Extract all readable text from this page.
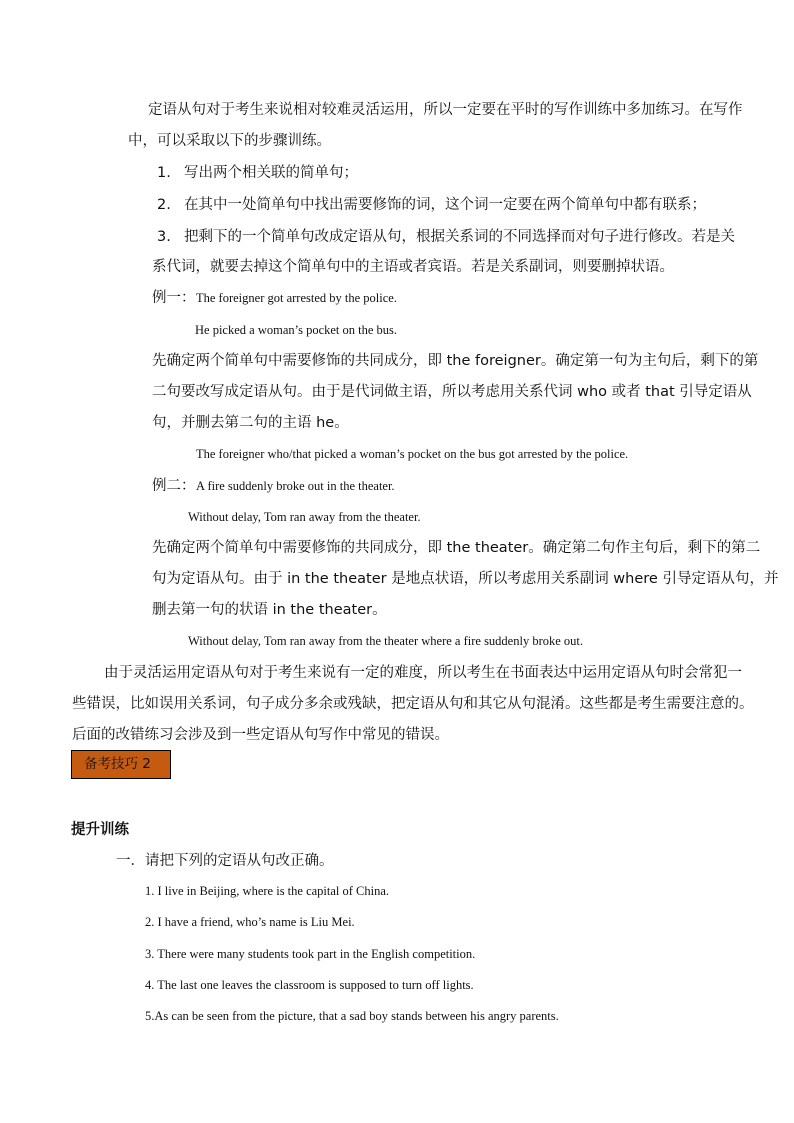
定语从句对于考生来说相对较难灵活运用，所以一定要在平时的写作训练中多加练习。在写作
中，可以采取以下的步骤训练。
1. 写出两个相关联的简单句；
2. 在其中一处简单句中找出需要修饰的词，这个词一定要在两个简单句中都有联系；
3. 把剩下的一个简单句改成定语从句，根据关系词的不同选择而对句子进行修改。若是关
系代词，就要去掉这个简单句中的主语或者宾语。若是关系副词，则要删掉状语。
例一： The foreigner got arrested by the police.
He picked a woman’s pocket on the bus.
先确定两个简单句中需要修饰的共同成分，即 the foreigner。确定第一句为主句后，剩下的第
二句要改写成定语从句。由于是代词做主语，所以考虑用关系代词 who 或者 that 引导定语从
句，并删去第二句的主语 he。
The foreigner who/that picked a woman’s pocket on the bus got arrested by the police.
例二： A fire suddenly broke out in the theater.
Without delay, Tom ran away from the theater.
先确定两个简单句中需要修饰的共同成分，即 the theater。确定第二句作主句后，剩下的第二
句为定语从句。由于 in the theater 是地点状语，所以考虑用关系副词 where 引导定语从句，并
删去第一句的状语 in the theater。
Without delay, Tom ran away from the theater where a fire suddenly broke out.
由于灵活运用定语从句对于考生来说有一定的难度，所以考生在书面表达中运用定语从句时会常犯一
些错误，比如误用关系词，句子成分多余或残缺，把定语从句和其它从句混淆。这些都是考生需要注意的。
后面的改错练习会涉及到一些定语从句写作中常见的错误。
备考技巧 2
提升训练
一．请把下列的定语从句改正确。
1. I live in Beijing, where is the capital of China.
2. I have a friend, who’s name is Liu Mei.
3. There were many students took part in the English competition.
4. The last one leaves the classroom is supposed to turn off lights.
5.As can be seen from the picture, that a sad boy stands between his angry parents.
